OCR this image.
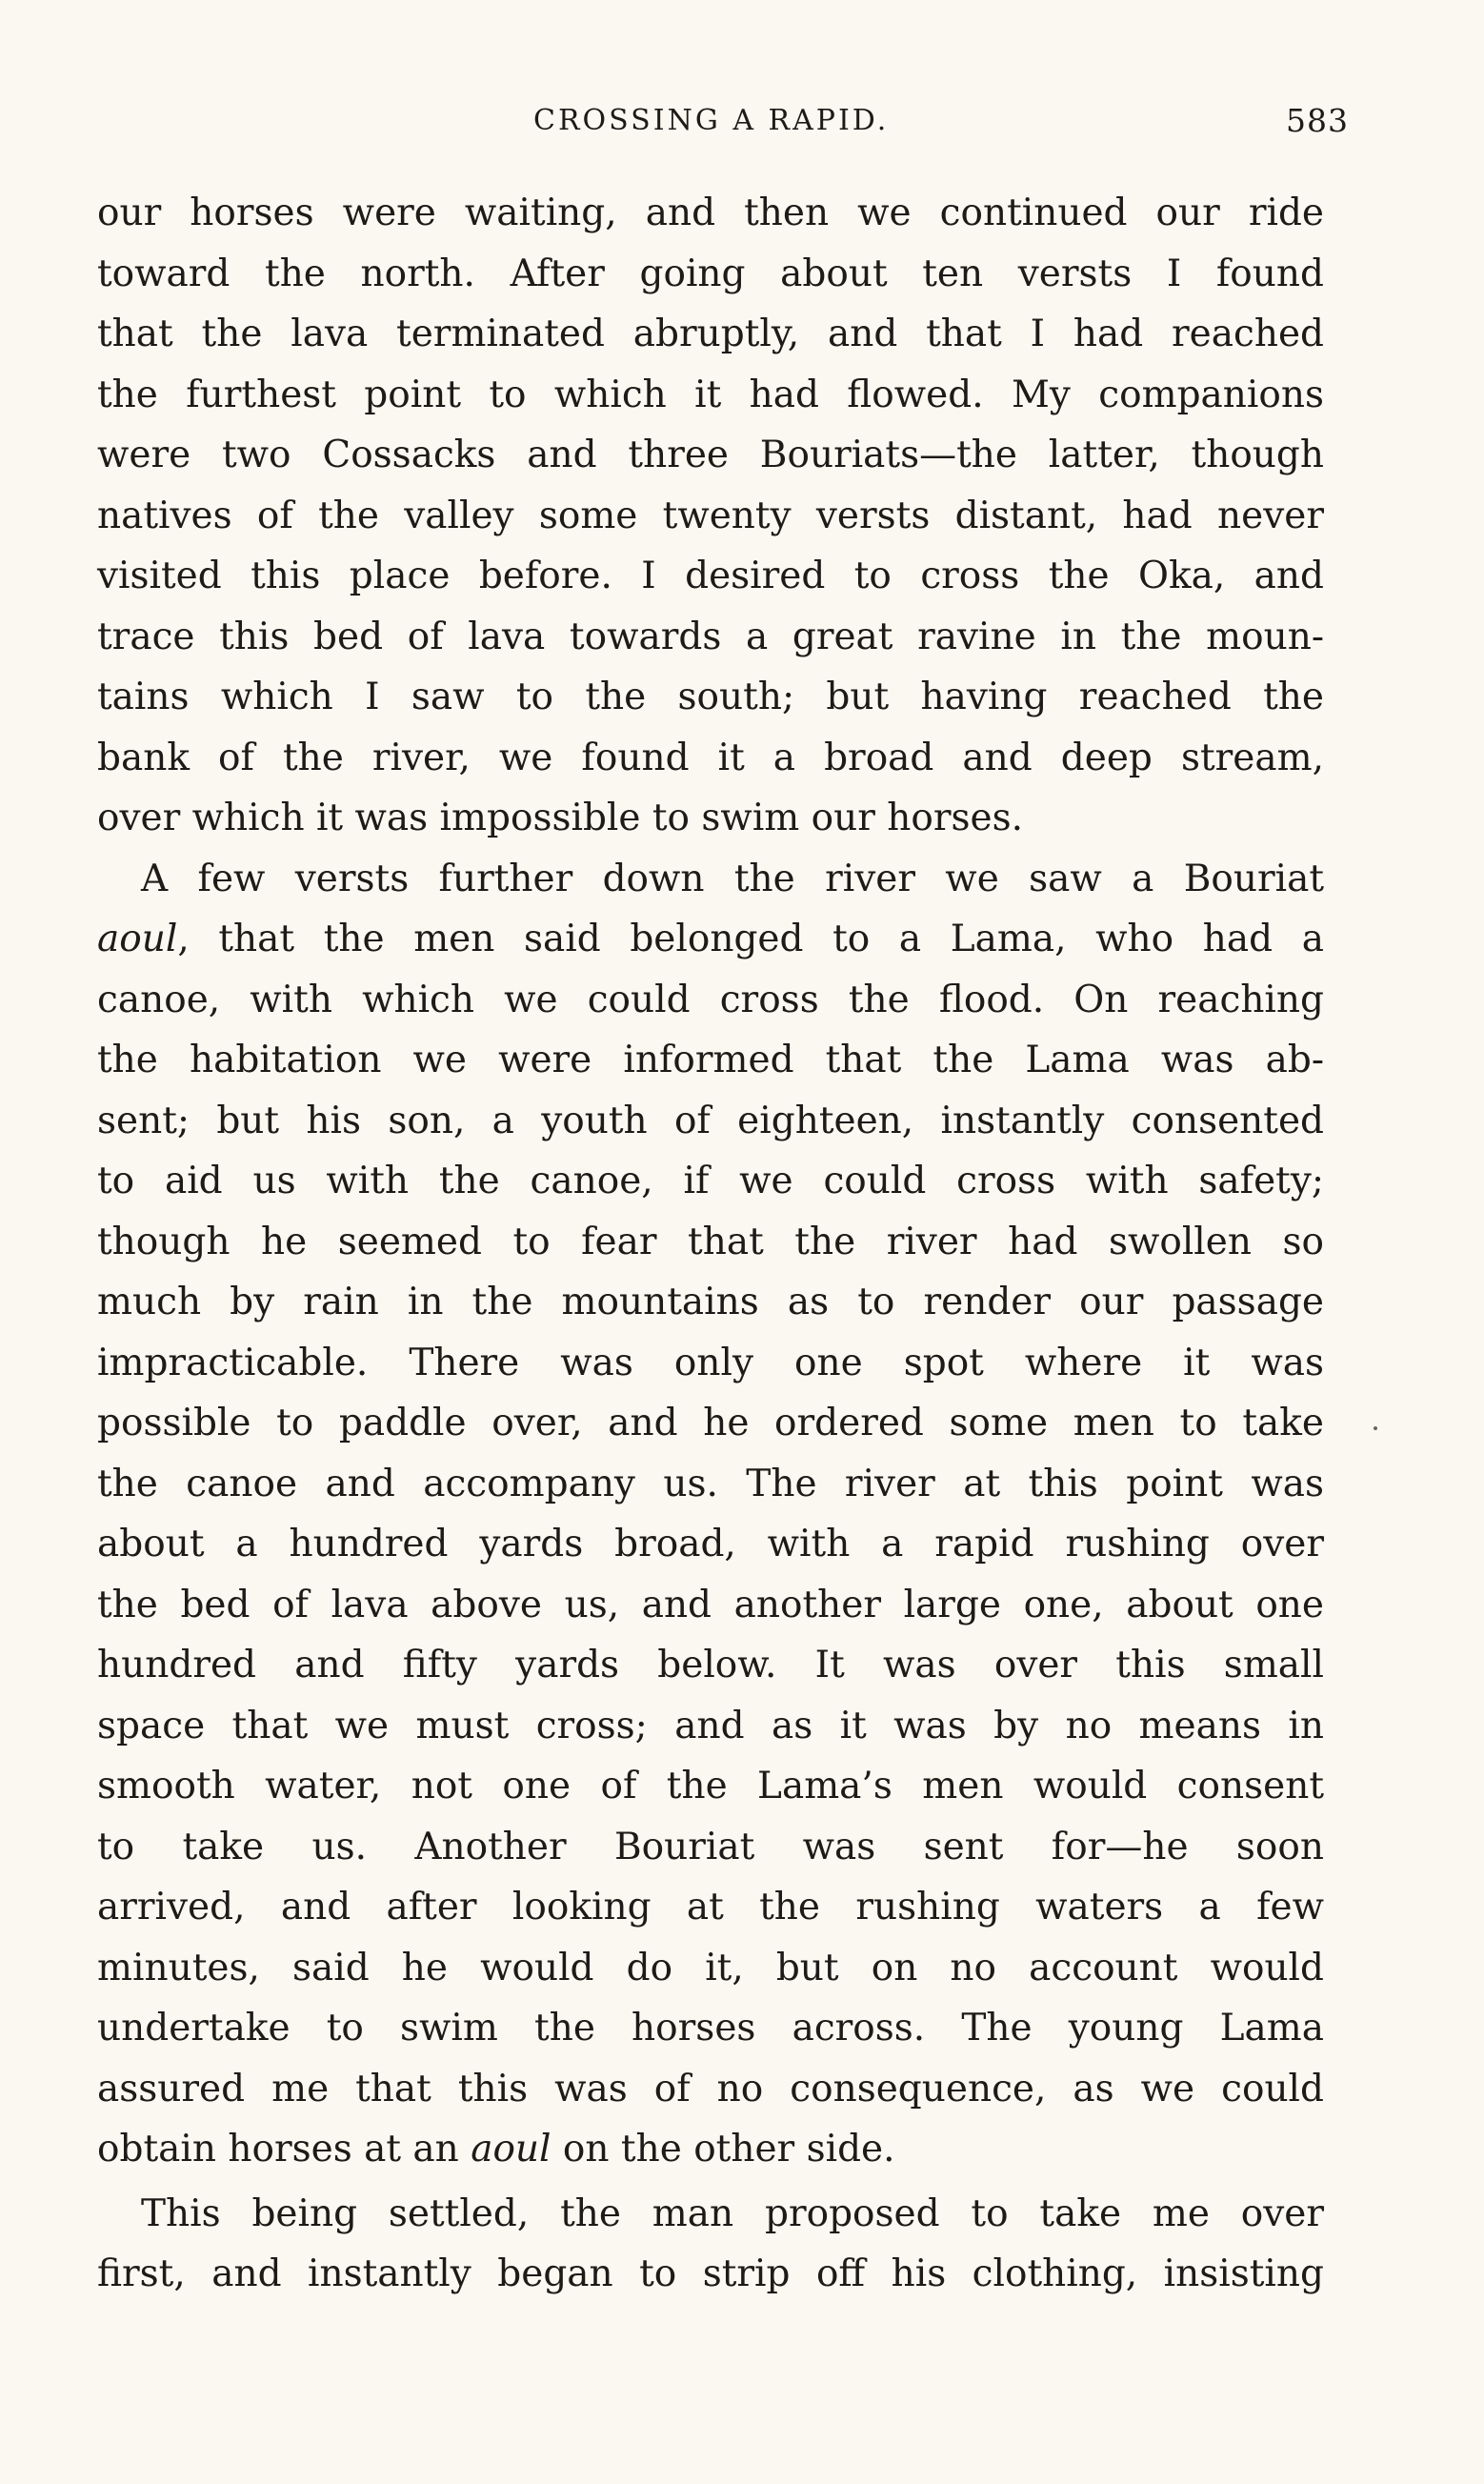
CROSSING A RAPID.	583
our horses were waiting, and then we continued our ride
toward the north. After going about ten versts I found
that the lava terminated abruptly, and that I had reached
the furthest point to which it had flowed. My companions
were two Cossacks and three Bouriats—the latter, though
natives of the valley some twenty versts distant, had never
visited this place before. I desired to cross the Oka, and
trace this bed of lava towards a great ravine in the moun-
tains which I saw to the south; but having reached the
bank of the river, we found it a broad and deep stream,
over which it was impossible to swim our horses.
A few versts further down the river we saw a Bouriat
aoul, that the men said belonged to a Lama, who had a
canoe, with which we could cross the flood. On reaching
the habitation we were informed that the Lama was ab-
sent; but his son, a youth of eighteen, instantly consented
to aid us with the canoe, if we could cross with safety;
though he seemed to fear that the river had swollen so
much by rain in the mountains as to render our passage
impracticable. There was only one spot where it was
possible to paddle over, and he ordered some men to take
the canoe and accompany us. The river at this point was
about a hundred yards broad, with a rapid rushing over
the bed of lava above us, and another large one, about one
hundred and fifty yards below. It was over this small
space that we must cross; and as it was by no means in
smooth water, not one of the Lama’s men would consent
to take us. Another Bouriat was sent for—he soon
arrived, and after looking at the rushing waters a few
minutes, said he would do it, but on no account would
undertake to swim the horses across. The young Lama
assured me that this was of no consequence, as we could
obtain horses at an aoul on the other side.
This being settled, the man proposed to take me over
first, and instantly began to strip off his clothing, insisting
